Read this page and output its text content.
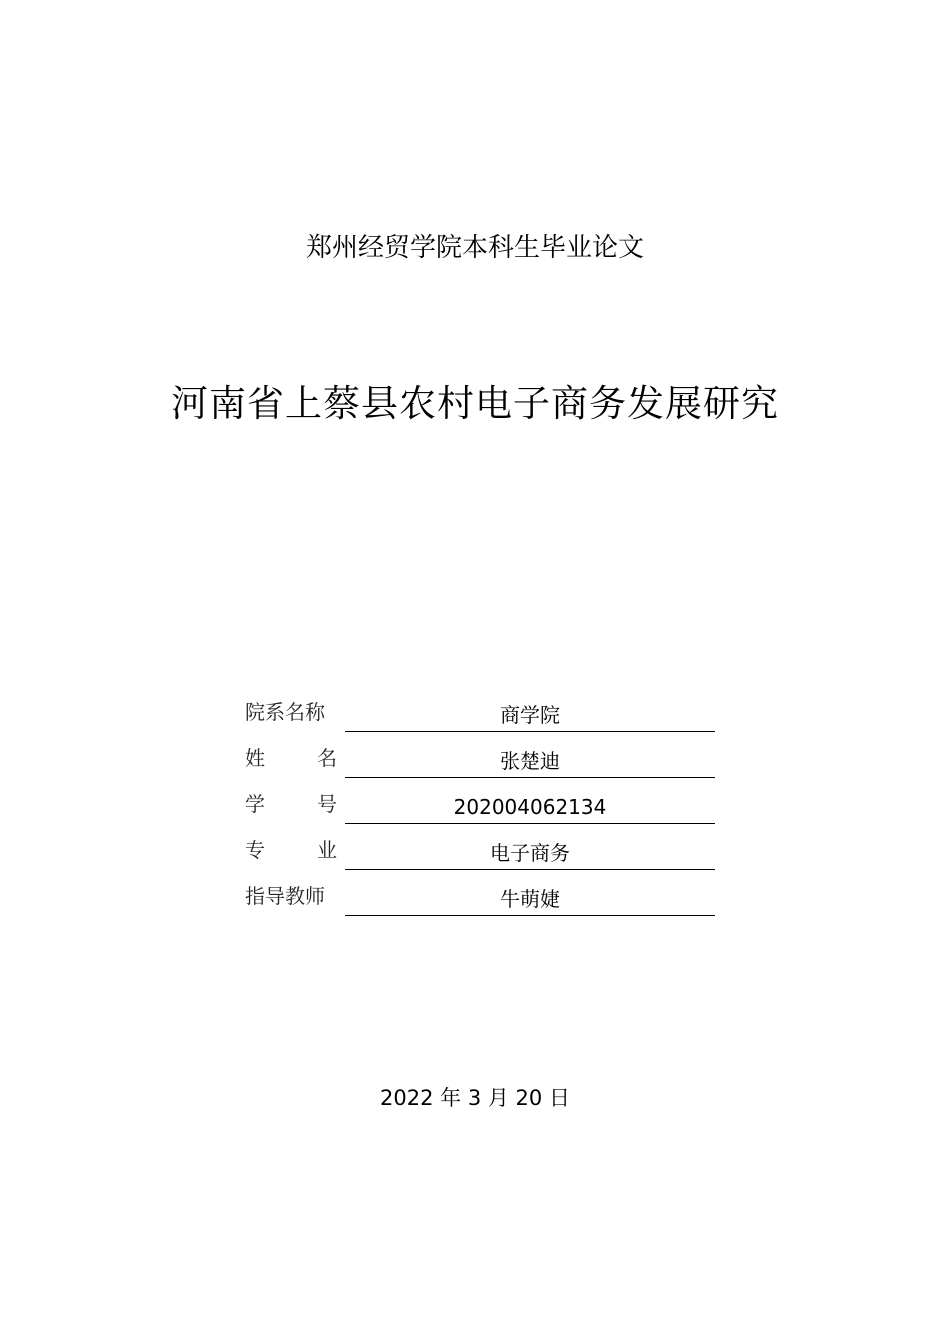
郑州经贸学院本科生毕业论文
河南省上蔡县农村电子商务发展研究
院系名称	商学院
姓	名	张楚迪
学	号	202004062134
专	业	电子商务
指导教师	牛萌婕
2022 年 3 月 20 日
